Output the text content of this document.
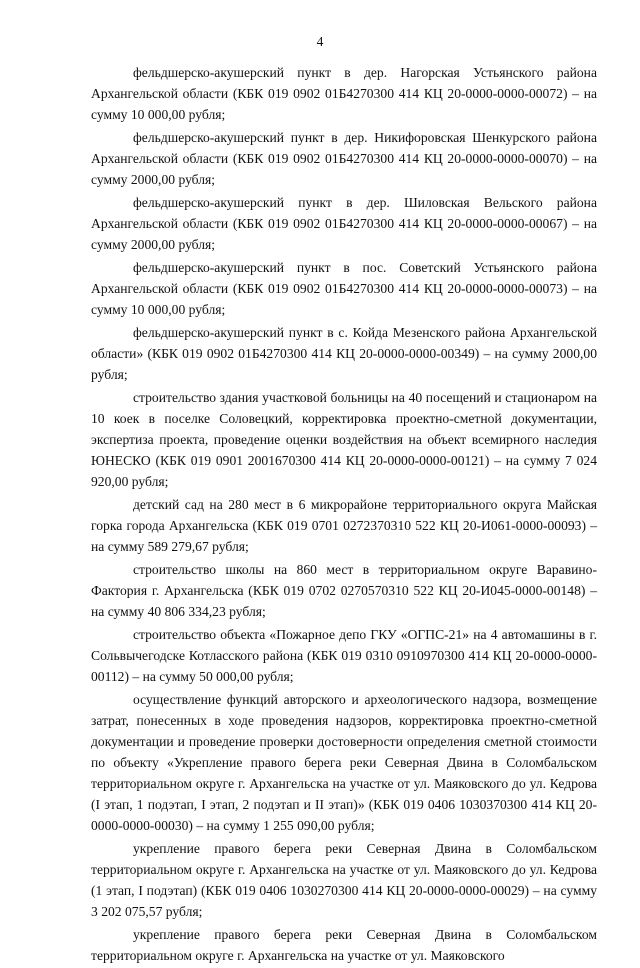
4

фельдшерско-акушерский пункт в дер. Нагорская Устьянского района Архангельской области (КБК 019 0902 01Б4270300 414 КЦ 20-0000-0000-00072) – на сумму 10 000,00 рубля;

фельдшерско-акушерский пункт в дер. Никифоровская Шенкурского района Архангельской области (КБК 019 0902 01Б4270300 414 КЦ 20-0000-0000-00070) – на сумму 2000,00 рубля;

фельдшерско-акушерский пункт в дер. Шиловская Вельского района Архангельской области (КБК 019 0902 01Б4270300 414 КЦ 20-0000-0000-00067) – на сумму 2000,00 рубля;

фельдшерско-акушерский пункт в пос. Советский Устьянского района Архангельской области (КБК 019 0902 01Б4270300 414 КЦ 20-0000-0000-00073) – на сумму 10 000,00 рубля;

фельдшерско-акушерский пункт в с. Койда Мезенского района Архангельской области» (КБК 019 0902 01Б4270300 414 КЦ 20-0000-0000-00349) – на сумму 2000,00 рубля;

строительство здания участковой больницы на 40 посещений и стационаром на 10 коек в поселке Соловецкий, корректировка проектно-сметной документации, экспертиза проекта, проведение оценки воздействия на объект всемирного наследия ЮНЕСКО (КБК 019 0901 2001670300 414 КЦ 20-0000-0000-00121) – на сумму 7 024 920,00 рубля;

детский сад на 280 мест в 6 микрорайоне территориального округа Майская горка города Архангельска (КБК 019 0701 0272370310 522 КЦ 20-И061-0000-00093) – на сумму 589 279,67 рубля;

строительство школы на 860 мест в территориальном округе Варавино-Фактория г. Архангельска (КБК 019 0702 0270570310 522 КЦ 20-И045-0000-00148) – на сумму 40 806 334,23 рубля;

строительство объекта «Пожарное депо ГКУ «ОГПС-21» на 4 автомашины в г. Сольвычегодске Котласского района (КБК 019 0310 0910970300 414 КЦ 20-0000-0000-00112) – на сумму 50 000,00 рубля;

осуществление функций авторского и археологического надзора, возмещение затрат, понесенных в ходе проведения надзоров, корректировка проектно-сметной документации и проведение проверки достоверности определения сметной стоимости по объекту «Укрепление правого берега реки Северная Двина в Соломбальском территориальном округе г. Архангельска на участке от ул. Маяковского до ул. Кедрова (I этап, 1 подэтап, I этап, 2 подэтап и II этап)» (КБК 019 0406 1030370300 414 КЦ 20-0000-0000-00030) – на сумму 1 255 090,00 рубля;

укрепление правого берега реки Северная Двина в Соломбальском территориальном округе г. Архангельска на участке от ул. Маяковского до ул. Кедрова (1 этап, I подэтап) (КБК 019 0406 1030270300 414 КЦ 20-0000-0000-00029) – на сумму 3 202 075,57 рубля;

укрепление правого берега реки Северная Двина в Соломбальском территориальном округе г. Архангельска на участке от ул. Маяковского
